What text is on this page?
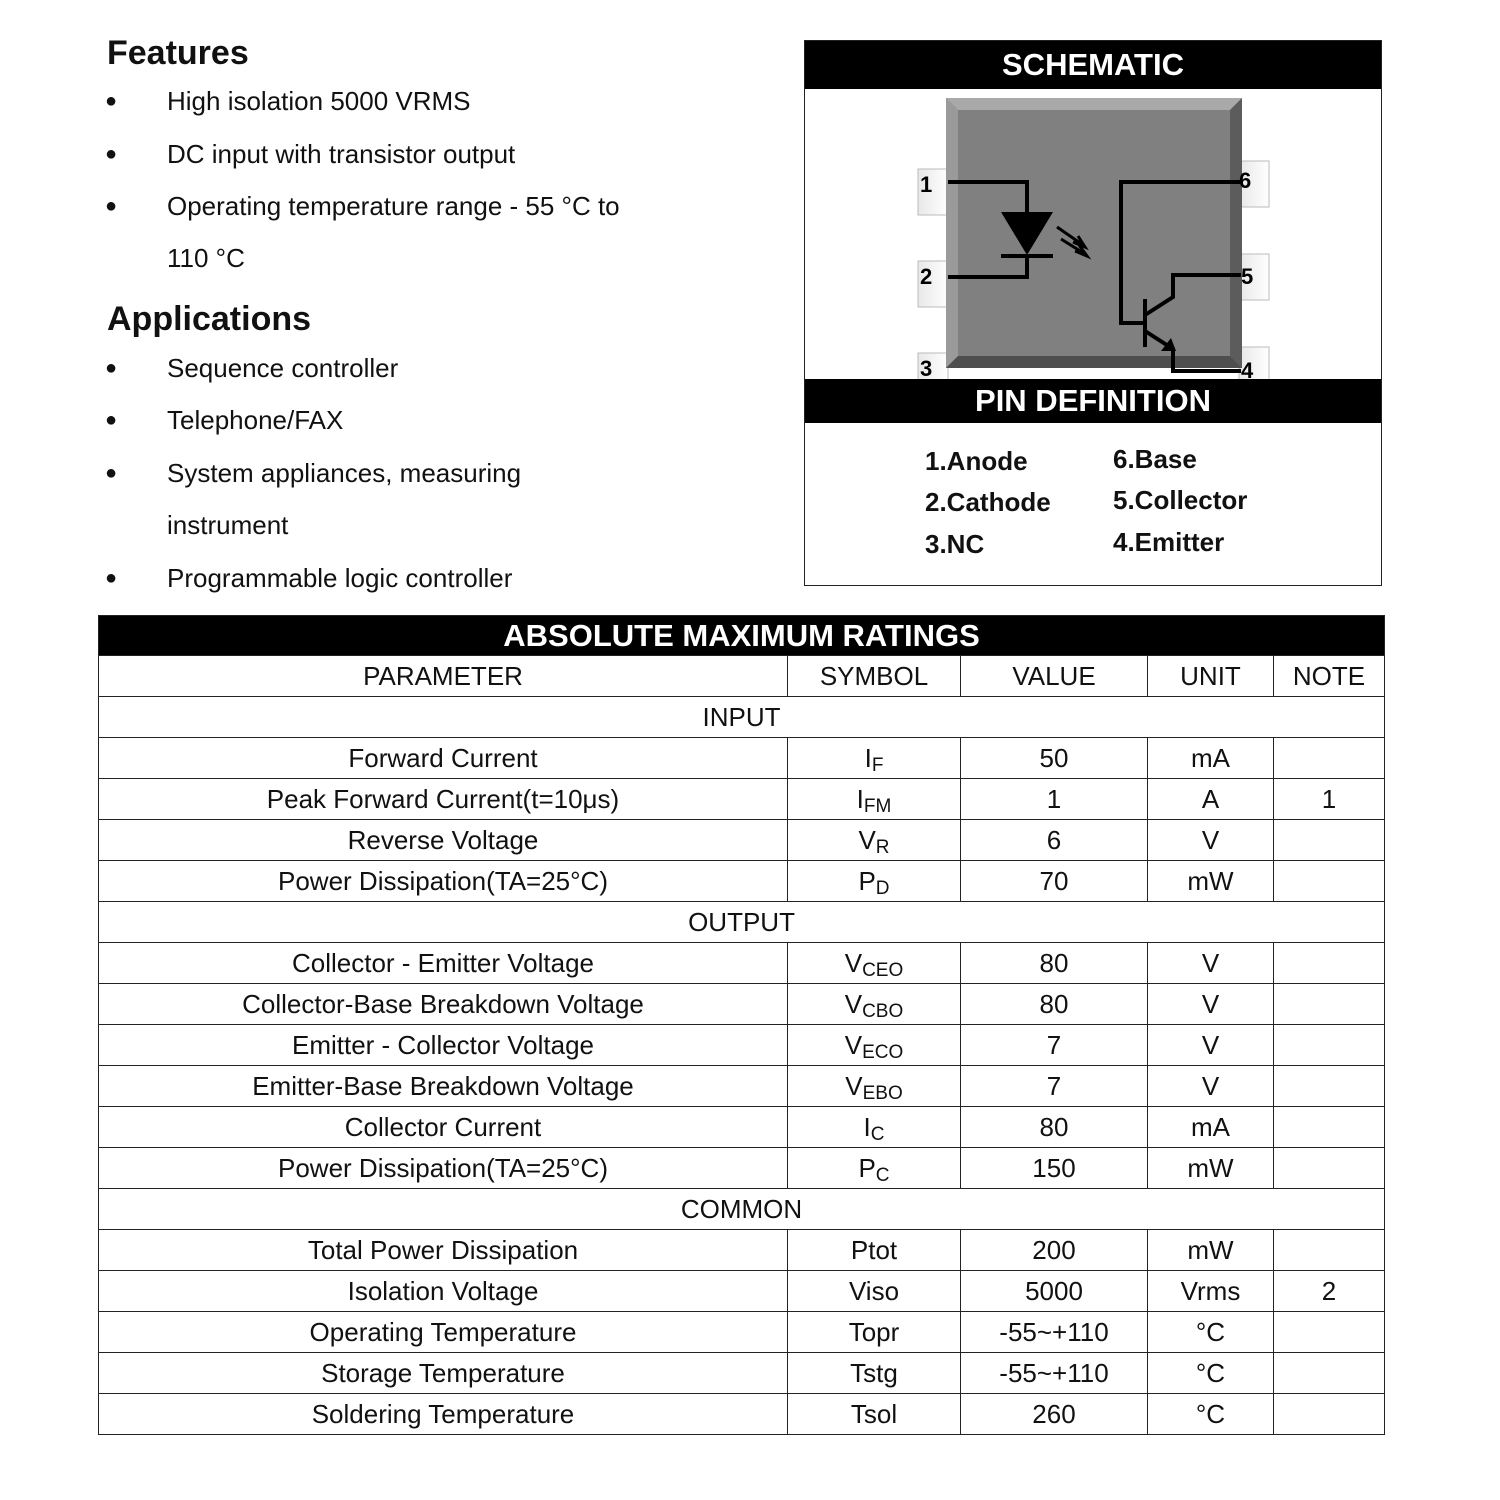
Features
● High isolation 5000 VRMS
● DC input with transistor output
● Operating temperature range - 55 °C to
110 °C
Applications
● Sequence controller
● Telephone/FAX
● System appliances, measuring
instrument
● Programmable logic controller
SCHEMATIC
1
2
3
6
5
4
PIN DEFINITION
1.Anode
2.Cathode
3.NC
6.Base
5.Collector
4.Emitter
ABSOLUTE MAXIMUM RATINGS				
PARAMETER	SYMBOL	VALUE	UNIT	NOTE
INPUT				
Forward Current	IF	50	mA	
Peak Forward Current(t=10μs)	IFM	1	A	1
Reverse Voltage	VR	6	V	
Power Dissipation(TA=25°C)	PD	70	mW	
OUTPUT				
Collector - Emitter Voltage	VCEO	80	V	
Collector-Base Breakdown Voltage	VCBO	80	V	
Emitter - Collector Voltage	VECO	7	V	
Emitter-Base Breakdown Voltage	VEBO	7	V	
Collector Current	IC	80	mA	
Power Dissipation(TA=25°C)	PC	150	mW	
COMMON				
Total Power Dissipation	Ptot	200	mW	
Isolation Voltage	Viso	5000	Vrms	2
Operating Temperature	Topr	-55~+110	°C	
Storage Temperature	Tstg	-55~+110	°C	
Soldering Temperature	Tsol	260	°C	
